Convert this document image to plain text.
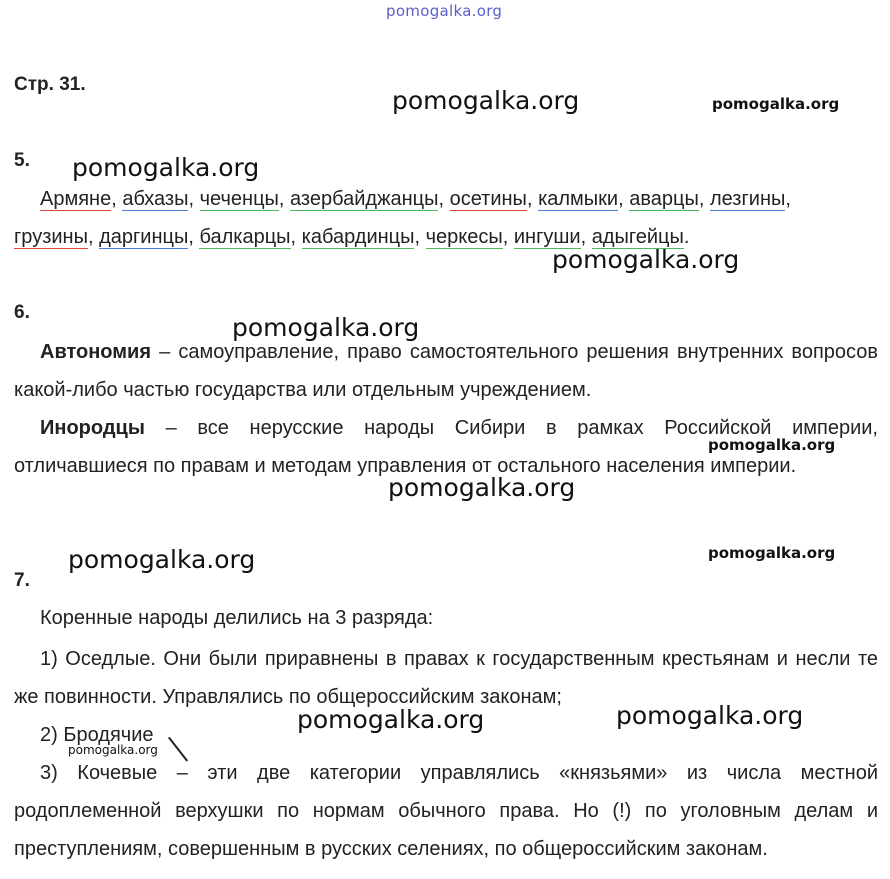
pomogalka.org
pomogalka.org	pomogalka.org
pomogalka.org
pomogalka.org
pomogalka.org
pomogalka.org
pomogalka.org
pomogalka.org	pomogalka.org
pomogalka.org	pomogalka.org
pomogalka.org
Стр. 31.
5.
Армяне, абхазы, чеченцы, азербайджанцы, осетины, калмыки, аварцы, лезгины,
грузины, даргинцы, балкарцы, кабардинцы, черкесы, ингуши, адыгейцы.
6.
Автономия – самоуправление, право самостоятельного решения внутренних вопросов какой-либо частью государства или отдельным учреждением.
Инородцы – все нерусские народы Сибири в рамках Российской империи, отличавшиеся по правам и методам управления от остального населения империи.
7.
Коренные народы делились на 3 разряда:
1) Оседлые. Они были приравнены в правах к государственным крестьянам и несли те же повинности. Управлялись по общероссийским законам;
2) Бродячие
3) Кочевые – эти две категории управлялись «князьями» из числа местной родоплеменной верхушки по нормам обычного права. Но (!) по уголовным делам и преступлениям, совершенным в русских селениях, по общероссийским законам.
